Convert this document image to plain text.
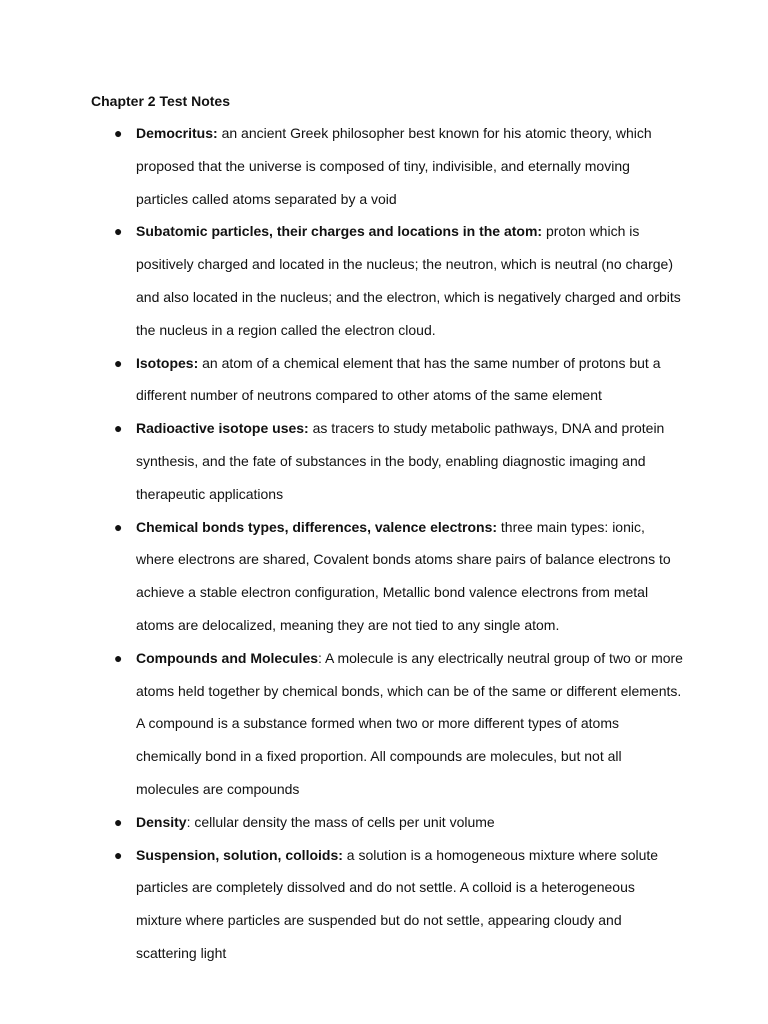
Chapter 2 Test Notes
● Democritus: an ancient Greek philosopher best known for his atomic theory, which proposed that the universe is composed of tiny, indivisible, and eternally moving particles called atoms separated by a void
● Subatomic particles, their charges and locations in the atom: proton which is positively charged and located in the nucleus; the neutron, which is neutral (no charge) and also located in the nucleus; and the electron, which is negatively charged and orbits the nucleus in a region called the electron cloud.
● Isotopes: an atom of a chemical element that has the same number of protons but a different number of neutrons compared to other atoms of the same element
● Radioactive isotope uses: as tracers to study metabolic pathways, DNA and protein synthesis, and the fate of substances in the body, enabling diagnostic imaging and therapeutic applications
● Chemical bonds types, differences, valence electrons: three main types: ionic, where electrons are shared, Covalent bonds atoms share pairs of balance electrons to achieve a stable electron configuration, Metallic bond valence electrons from metal atoms are delocalized, meaning they are not tied to any single atom.
● Compounds and Molecules: A molecule is any electrically neutral group of two or more atoms held together by chemical bonds, which can be of the same or different elements. A compound is a substance formed when two or more different types of atoms chemically bond in a fixed proportion. All compounds are molecules, but not all molecules are compounds
● Density: cellular density the mass of cells per unit volume
● Suspension, solution, colloids: a solution is a homogeneous mixture where solute particles are completely dissolved and do not settle. A colloid is a heterogeneous mixture where particles are suspended but do not settle, appearing cloudy and scattering light
